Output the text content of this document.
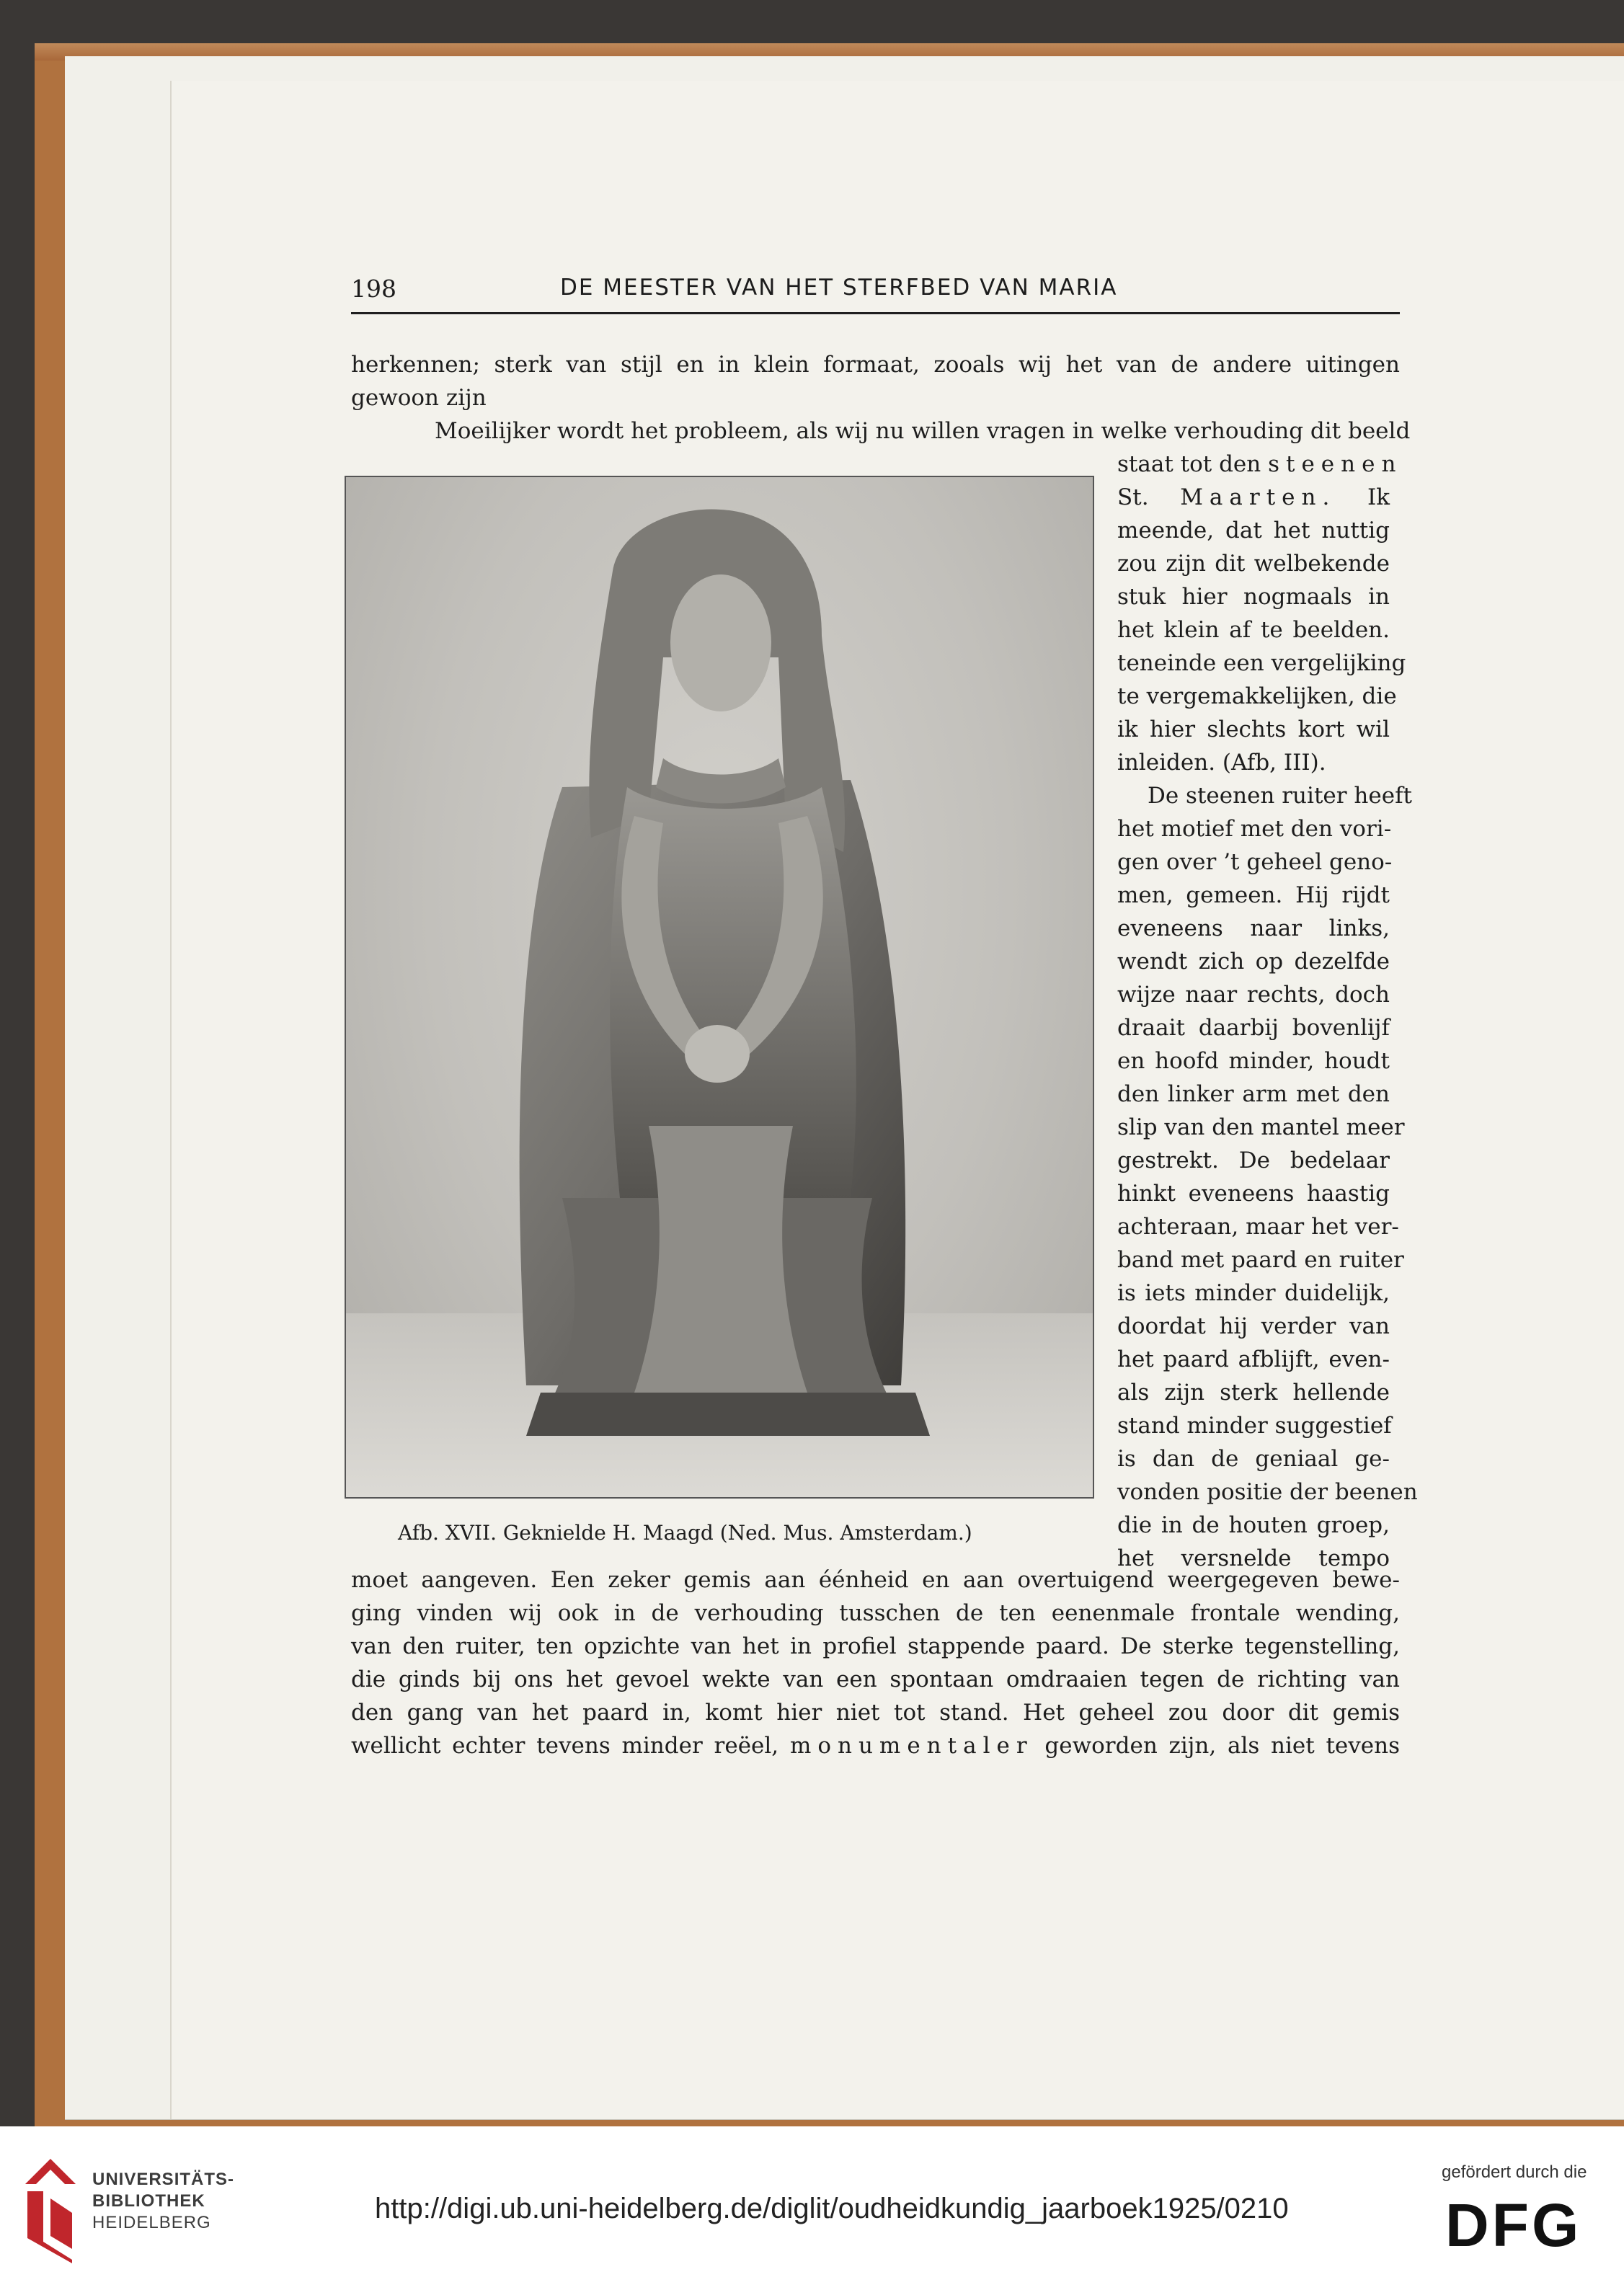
198	DE MEESTER VAN HET STERFBED VAN MARIA
herkennen; sterk van stijl en in klein formaat, zooals wij het van de andere uitingen
gewoon zijn
Moeilijker wordt het probleem, als wij nu willen vragen in welke verhouding dit beeld
staat tot den steenen
St. Maarten. Ik
meende, dat het nuttig
zou zijn dit welbekende
stuk hier nogmaals in
het klein af te beelden.
teneinde een vergelijking
te vergemakkelijken, die
ik hier slechts kort wil
inleiden. (Afb, III).
De steenen ruiter heeft
het motief met den vori-
gen over ’t geheel geno-
men, gemeen. Hij rijdt
eveneens naar links,
wendt zich op dezelfde
wijze naar rechts, doch
draait daarbij bovenlijf
en hoofd minder, houdt
den linker arm met den
slip van den mantel meer
gestrekt. De bedelaar
hinkt eveneens haastig
achteraan, maar het ver-
band met paard en ruiter
is iets minder duidelijk,
doordat hij verder van
het paard afblijft, even-
als zijn sterk hellende
stand minder suggestief
is dan de geniaal ge-
vonden positie der beenen
die in de houten groep,
het versnelde tempo
Afb. XVII. Geknielde H. Maagd (Ned. Mus. Amsterdam.)
moet aangeven. Een zeker gemis aan éénheid en aan overtuigend weergegeven bewe-
ging vinden wij ook in de verhouding tusschen de ten eenenmale frontale wending,
van den ruiter, ten opzichte van het in profiel stappende paard. De sterke tegenstelling,
die ginds bij ons het gevoel wekte van een spontaan omdraaien tegen de richting van
den gang van het paard in, komt hier niet tot stand. Het geheel zou door dit gemis
wellicht echter tevens minder reëel, monumentaler geworden zijn, als niet tevens
UNIVERSITÄTS-
BIBLIOTHEK
HEIDELBERG	http://digi.ub.uni-heidelberg.de/diglit/oudheidkundig_jaarboek1925/0210
gefördert durch die
DFG
